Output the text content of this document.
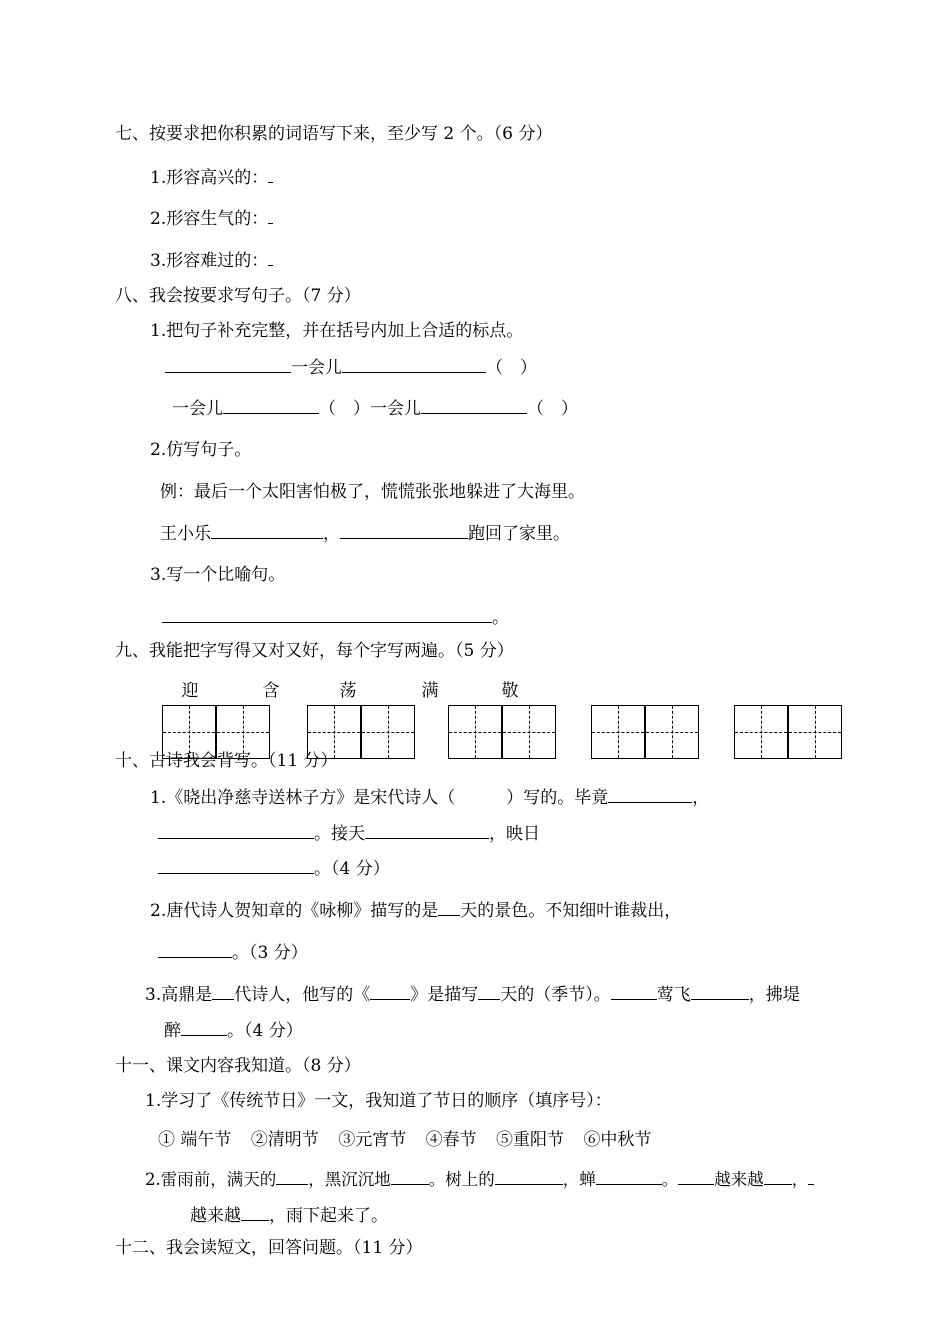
七、按要求把你积累的词语写下来，至少写 2 个。（6 分）
1.形容高兴的：
2.形容生气的：
3.形容难过的：
八、我会按要求写句子。（7 分）
1.把句子补充完整，并在括号内加上合适的标点。
一会儿	（　）
一会儿	（　）一会儿	（　）
2.仿写句子。
例：最后一个太阳害怕极了，慌慌张张地躲进了大海里。
王小乐	，	跑回了家里。
3.写一个比喻句。
。
九、我能把字写得又对又好，每个字写两遍。（5 分）
迎	含	荡	满	敬
十、古诗我会背写。（11 分）
1.《晓出净慈寺送林子方》是宋代诗人（　　　）写的。毕竟	，
。接天	，映日
。（4 分）
2.唐代诗人贺知章的《咏柳》描写的是 天的景色。不知细叶谁裁出，
。（3 分）
3.高鼎是 代诗人，他写的《 》是描写 天的（季节）。	莺飞	，拂堤
醉	。（4 分）
十一、课文内容我知道。（8 分）
1.学习了《传统节日》一文，我知道了节日的顺序（填序号）：
① 端午节 ②清明节 ③元宵节 ④春节 ⑤重阳节 ⑥中秋节
2.雷雨前，满天的 ，黑沉沉地 。树上的	，蝉	。 越来越 ，
越来越 ，雨下起来了。
十二、我会读短文，回答问题。（11 分）
